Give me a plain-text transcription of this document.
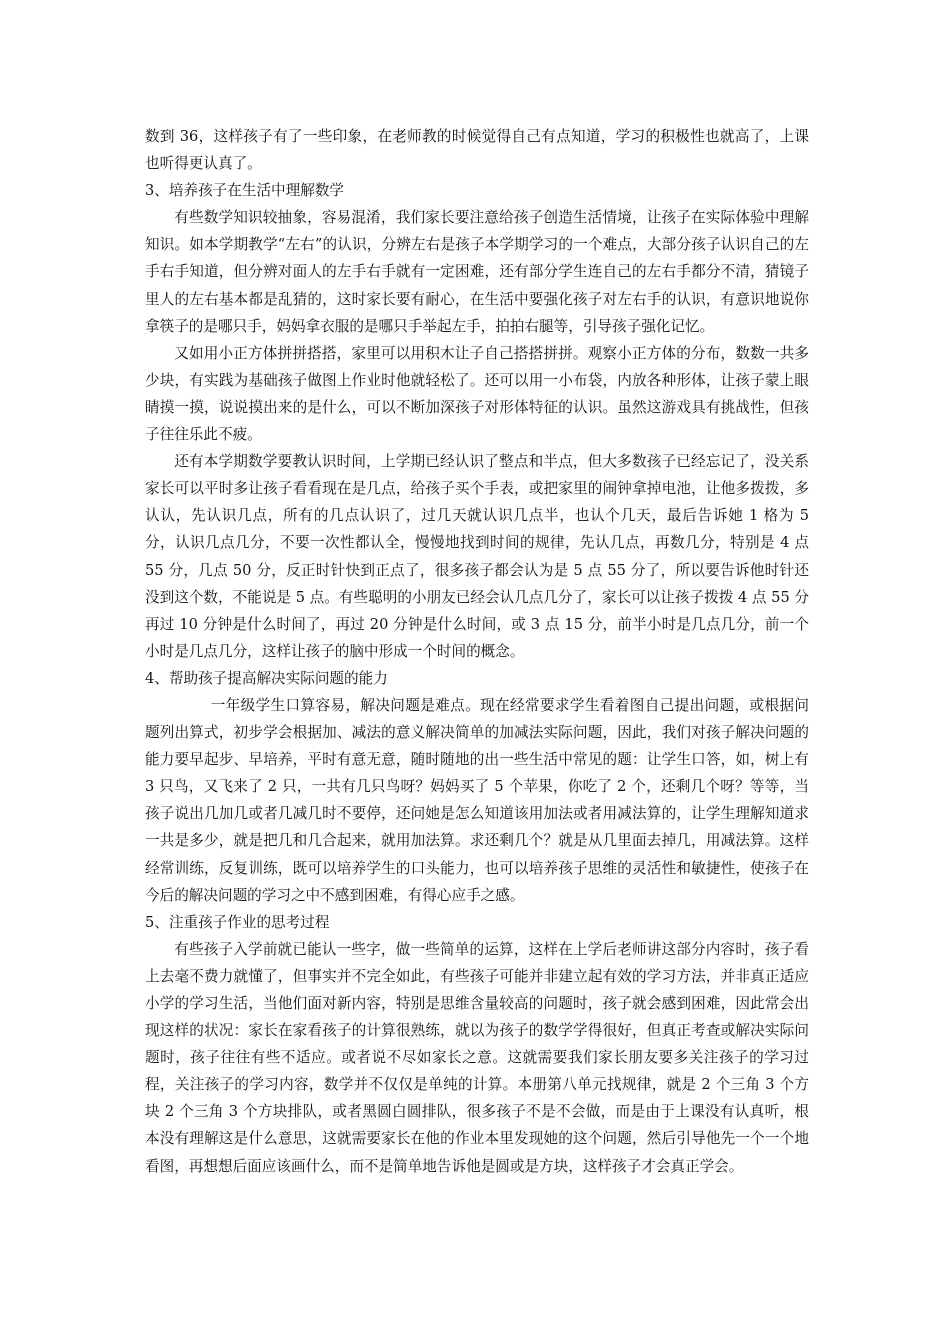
数到 36，这样孩子有了一些印象，在老师教的时候觉得自己有点知道，学习的积极性也就高了，上课也听得更认真了。

3、培养孩子在生活中理解数学

有些数学知识较抽象，容易混淆，我们家长要注意给孩子创造生活情境，让孩子在实际体验中理解知识。如本学期教学“左右”的认识，分辨左右是孩子本学期学习的一个难点，大部分孩子认识自己的左手右手知道，但分辨对面人的左手右手就有一定困难，还有部分学生连自己的左右手都分不清，猜镜子里人的左右基本都是乱猜的，这时家长要有耐心，在生活中要强化孩子对左右手的认识，有意识地说你拿筷子的是哪只手，妈妈拿衣服的是哪只手举起左手，拍拍右腿等，引导孩子强化记忆。

又如用小正方体拼拼搭搭，家里可以用积木让子自己搭搭拼拼。观察小正方体的分布，数数一共多少块，有实践为基础孩子做图上作业时他就轻松了。还可以用一小布袋，内放各种形体，让孩子蒙上眼睛摸一摸，说说摸出来的是什么，可以不断加深孩子对形体特征的认识。虽然这游戏具有挑战性，但孩子往往乐此不疲。

还有本学期数学要教认识时间，上学期已经认识了整点和半点，但大多数孩子已经忘记了，没关系家长可以平时多让孩子看看现在是几点，给孩子买个手表，或把家里的闹钟拿掉电池，让他多拨拨，多认认，先认识几点，所有的几点认识了，过几天就认识几点半，也认个几天，最后告诉她 1 格为 5 分，认识几点几分，不要一次性都认全，慢慢地找到时间的规律，先认几点，再数几分，特别是 4 点 55 分，几点 50 分，反正时针快到正点了，很多孩子都会认为是 5 点 55 分了，所以要告诉他时针还没到这个数，不能说是 5 点。有些聪明的小朋友已经会认几点几分了，家长可以让孩子拨拨 4 点 55 分再过 10 分钟是什么时间了，再过 20 分钟是什么时间，或 3 点 15 分，前半小时是几点几分，前一个小时是几点几分，这样让孩子的脑中形成一个时间的概念。

4、帮助孩子提高解决实际问题的能力

一年级学生口算容易，解决问题是难点。现在经常要求学生看着图自己提出问题，或根据问题列出算式，初步学会根据加、减法的意义解决简单的加减法实际问题，因此，我们对孩子解决问题的能力要早起步、早培养，平时有意无意，随时随地的出一些生活中常见的题：让学生口答，如，树上有 3 只鸟，又飞来了 2 只，一共有几只鸟呀？妈妈买了 5 个苹果，你吃了 2 个，还剩几个呀？等等，当孩子说出几加几或者几减几时不要停，还问她是怎么知道该用加法或者用减法算的，让学生理解知道求一共是多少，就是把几和几合起来，就用加法算。求还剩几个？就是从几里面去掉几，用减法算。这样经常训练，反复训练，既可以培养学生的口头能力，也可以培养孩子思维的灵活性和敏捷性，使孩子在今后的解决问题的学习之中不感到困难，有得心应手之感。

5、注重孩子作业的思考过程

有些孩子入学前就已能认一些字，做一些简单的运算，这样在上学后老师讲这部分内容时，孩子看上去毫不费力就懂了，但事实并不完全如此，有些孩子可能并非建立起有效的学习方法，并非真正适应小学的学习生活，当他们面对新内容，特别是思维含量较高的问题时，孩子就会感到困难，因此常会出现这样的状况：家长在家看孩子的计算很熟练，就以为孩子的数学学得很好，但真正考查或解决实际问题时，孩子往往有些不适应。或者说不尽如家长之意。这就需要我们家长朋友要多关注孩子的学习过程，关注孩子的学习内容，数学并不仅仅是单纯的计算。本册第八单元找规律，就是 2 个三角 3 个方块 2 个三角 3 个方块排队，或者黑圆白圆排队，很多孩子不是不会做，而是由于上课没有认真听，根本没有理解这是什么意思，这就需要家长在他的作业本里发现她的这个问题，然后引导他先一个一个地看图，再想想后面应该画什么，而不是简单地告诉他是圆或是方块，这样孩子才会真正学会。
